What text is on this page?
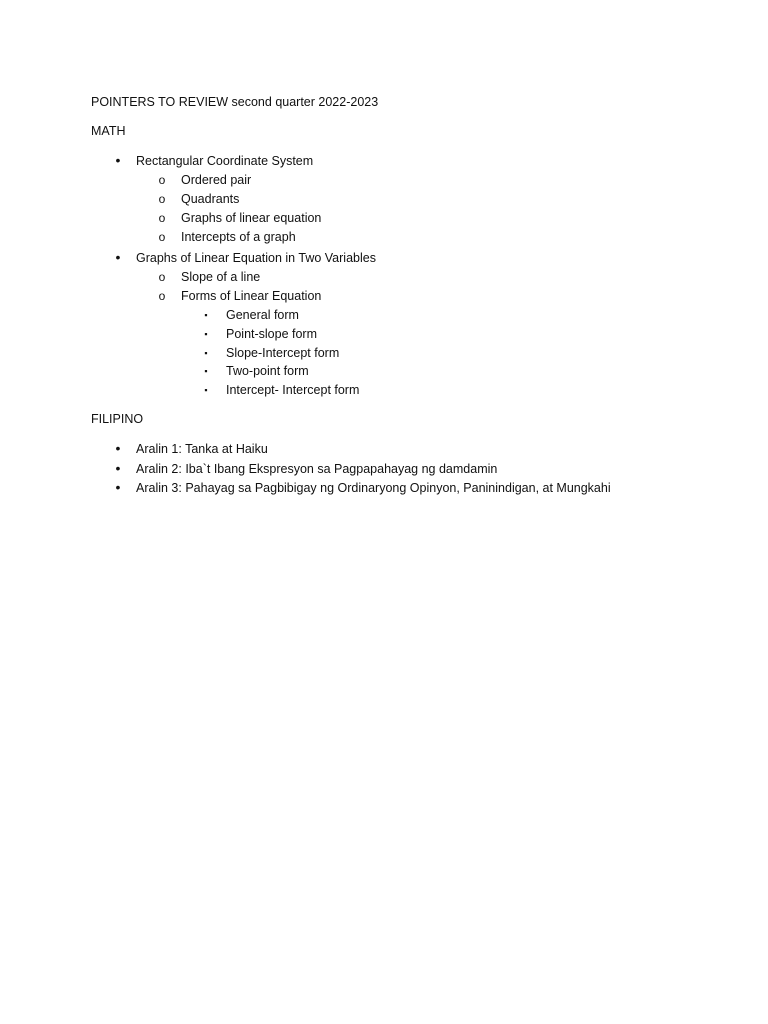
POINTERS TO REVIEW second quarter 2022-2023
MATH
• Rectangular Coordinate System
o Ordered pair
o Quadrants
o Graphs of linear equation
o Intercepts of a graph
• Graphs of Linear Equation in Two Variables
o Slope of a line
o Forms of Linear Equation
▪	General form
▪	Point-slope form
▪	Slope-Intercept form
▪	Two-point form
▪	Intercept- Intercept form
FILIPINO
• Aralin 1: Tanka at Haiku
• Aralin 2: Iba`t Ibang Ekspresyon sa Pagpapahayag ng damdamin
• Aralin 3: Pahayag sa Pagbibigay ng Ordinaryong Opinyon, Paninindigan, at Mungkahi
